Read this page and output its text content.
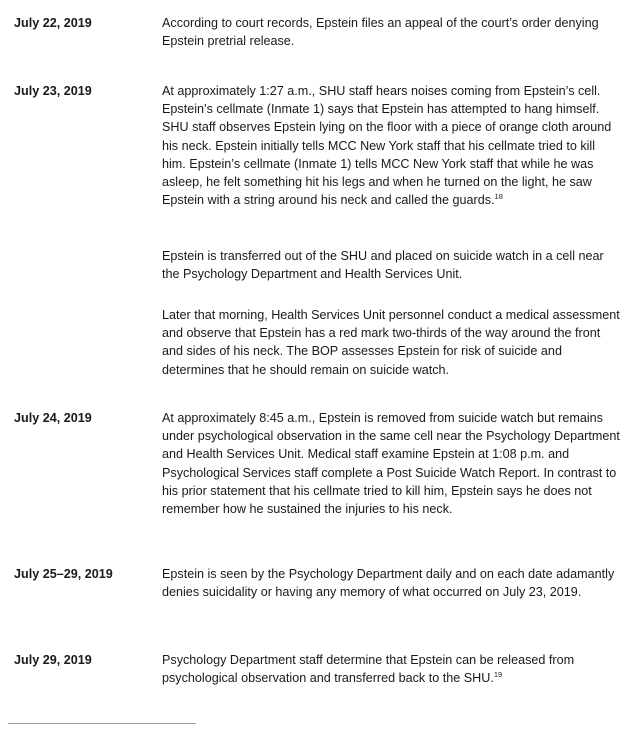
July 22, 2019	According to court records, Epstein files an appeal of the court’s order denying Epstein pretrial release.

July 23, 2019	At approximately 1:27 a.m., SHU staff hears noises coming from Epstein’s cell. Epstein’s cellmate (Inmate 1) says that Epstein has attempted to hang himself. SHU staff observes Epstein lying on the floor with a piece of orange cloth around his neck. Epstein initially tells MCC New York staff that his cellmate tried to kill him. Epstein’s cellmate (Inmate 1) tells MCC New York staff that while he was asleep, he felt something hit his legs and when he turned on the light, he saw Epstein with a string around his neck and called the guards.$^{18}$

Epstein is transferred out of the SHU and placed on suicide watch in a cell near the Psychology Department and Health Services Unit.

Later that morning, Health Services Unit personnel conduct a medical assessment and observe that Epstein has a red mark two-thirds of the way around the front and sides of his neck. The BOP assesses Epstein for risk of suicide and determines that he should remain on suicide watch.

July 24, 2019	At approximately 8:45 a.m., Epstein is removed from suicide watch but remains under psychological observation in the same cell near the Psychology Department and Health Services Unit. Medical staff examine Epstein at 1:08 p.m. and Psychological Services staff complete a Post Suicide Watch Report. In contrast to his prior statement that his cellmate tried to kill him, Epstein says he does not remember how he sustained the injuries to his neck.

July 25–29, 2019	Epstein is seen by the Psychology Department daily and on each date adamantly denies suicidality or having any memory of what occurred on July 23, 2019.

July 29, 2019	Psychology Department staff determine that Epstein can be released from psychological observation and transferred back to the SHU.$^{19}$
